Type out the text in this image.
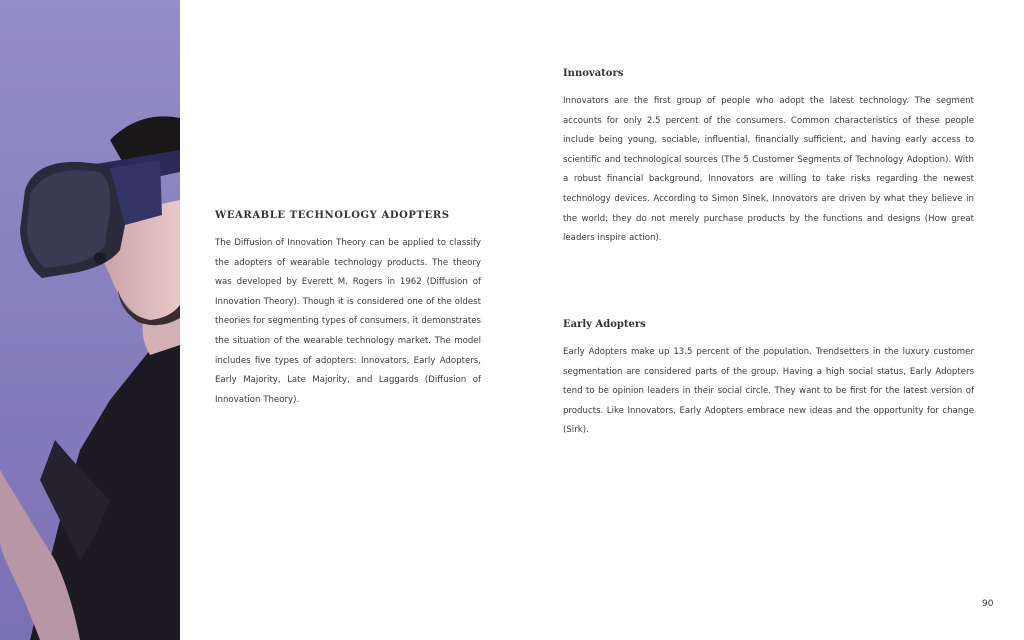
WEARABLE TECHNOLOGY ADOPTERS

The Diffusion of Innovation Theory can be applied to classify the adopters of wearable technology products. The theory was developed by Everett M. Rogers in 1962 (Diffusion of Innovation Theory). Though it is considered one of the oldest theories for segmenting types of consumers, it demonstrates the situation of the wearable technology market. The model includes five types of adopters: Innovators, Early Adopters, Early Majority, Late Majority, and Laggards (Diffusion of Innovation Theory).

Innovators

Innovators are the first group of people who adopt the latest technology. The segment accounts for only 2.5 percent of the consumers. Common characteristics of these people include being young, sociable, influential, financially sufficient, and having early access to scientific and technological sources (The 5 Customer Segments of Technology Adoption). With a robust financial background, Innovators are willing to take risks regarding the newest technology devices. According to Simon Sinek, Innovators are driven by what they believe in the world; they do not merely purchase products by the functions and designs (How great leaders inspire action).

Early Adopters

Early Adopters make up 13.5 percent of the population. Trendsetters in the luxury customer segmentation are considered parts of the group. Having a high social status, Early Adopters tend to be opinion leaders in their social circle. They want to be first for the latest version of products. Like Innovators, Early Adopters embrace new ideas and the opportunity for change (Sirk).

90
